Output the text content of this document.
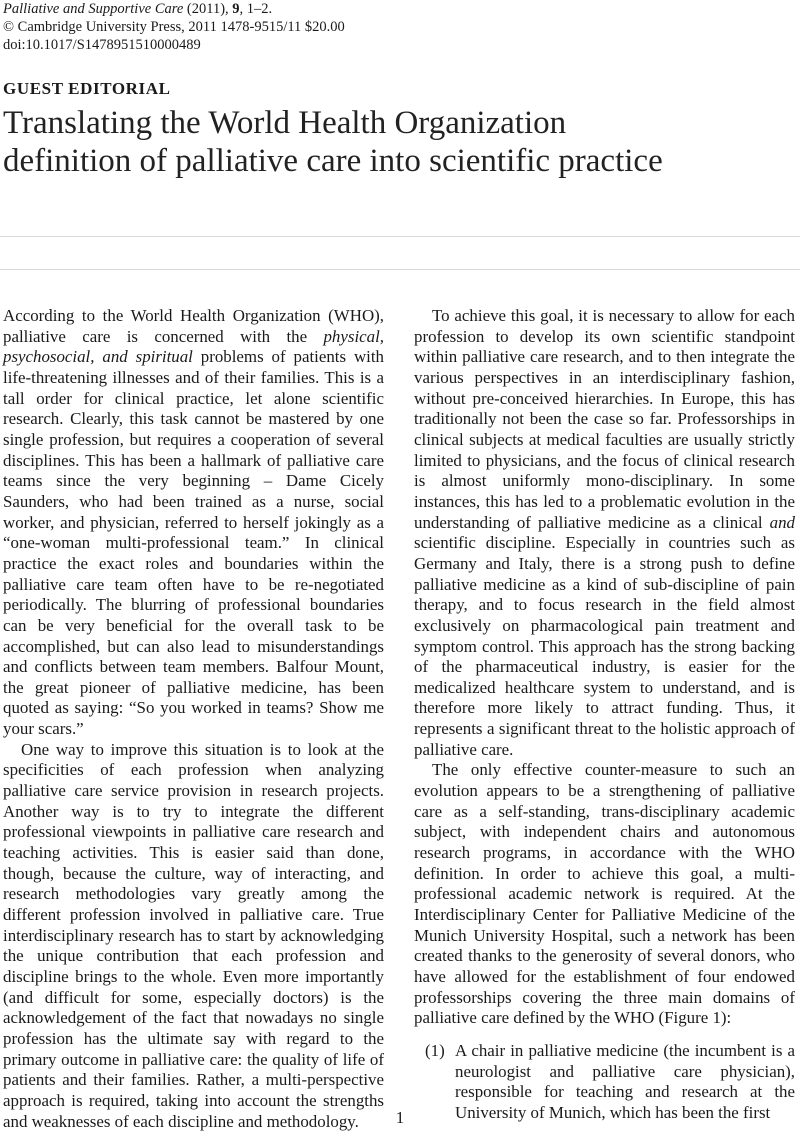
Palliative and Supportive Care (2011), 9, 1–2.
© Cambridge University Press, 2011 1478-9515/11 $20.00
doi:10.1017/S1478951510000489
GUEST EDITORIAL
Translating the World Health Organization
definition of palliative care into scientific practice

According to the World Health Organization (WHO), palliative care is concerned with the physical, psychosocial, and spiritual problems of patients with life-threatening illnesses and of their families. This is a tall order for clinical practice, let alone scientific research. Clearly, this task cannot be mastered by one single profession, but requires a cooperation of several disciplines. This has been a hallmark of palliative care teams since the very beginning – Dame Cicely Saunders, who had been trained as a nurse, social worker, and physician, referred to herself jokingly as a “one-woman multi-professional team.” In clinical practice the exact roles and boundaries within the palliative care team often have to be re-negotiated periodically. The blurring of professional boundaries can be very beneficial for the overall task to be accomplished, but can also lead to misunderstandings and conflicts between team members. Balfour Mount, the great pioneer of palliative medicine, has been quoted as saying: “So you worked in teams? Show me your scars.”

One way to improve this situation is to look at the specificities of each profession when analyzing palliative care service provision in research projects. Another way is to try to integrate the different professional viewpoints in palliative care research and teaching activities. This is easier said than done, though, because the culture, way of interacting, and research methodologies vary greatly among the different profession involved in palliative care. True interdisciplinary research has to start by acknowledging the unique contribution that each profession and discipline brings to the whole. Even more importantly (and difficult for some, especially doctors) is the acknowledgement of the fact that nowadays no single profession has the ultimate say with regard to the primary outcome in palliative care: the quality of life of patients and their families. Rather, a multi-perspective approach is required, taking into account the strengths and weaknesses of each discipline and methodology.

To achieve this goal, it is necessary to allow for each profession to develop its own scientific standpoint within palliative care research, and to then integrate the various perspectives in an interdisciplinary fashion, without pre-conceived hierarchies. In Europe, this has traditionally not been the case so far. Professorships in clinical subjects at medical faculties are usually strictly limited to physicians, and the focus of clinical research is almost uniformly mono-disciplinary. In some instances, this has led to a problematic evolution in the understanding of palliative medicine as a clinical and scientific discipline. Especially in countries such as Germany and Italy, there is a strong push to define palliative medicine as a kind of sub-discipline of pain therapy, and to focus research in the field almost exclusively on pharmacological pain treatment and symptom control. This approach has the strong backing of the pharmaceutical industry, is easier for the medicalized healthcare system to understand, and is therefore more likely to attract funding. Thus, it represents a significant threat to the holistic approach of palliative care.

The only effective counter-measure to such an evolution appears to be a strengthening of palliative care as a self-standing, trans-disciplinary academic subject, with independent chairs and autonomous research programs, in accordance with the WHO definition. In order to achieve this goal, a multi-professional academic network is required. At the Interdisciplinary Center for Palliative Medicine of the Munich University Hospital, such a network has been created thanks to the generosity of several donors, who have allowed for the establishment of four endowed professorships covering the three main domains of palliative care defined by the WHO (Figure 1):

(1) A chair in palliative medicine (the incumbent is a neurologist and palliative care physician), responsible for teaching and research at the University of Munich, which has been the first
1
